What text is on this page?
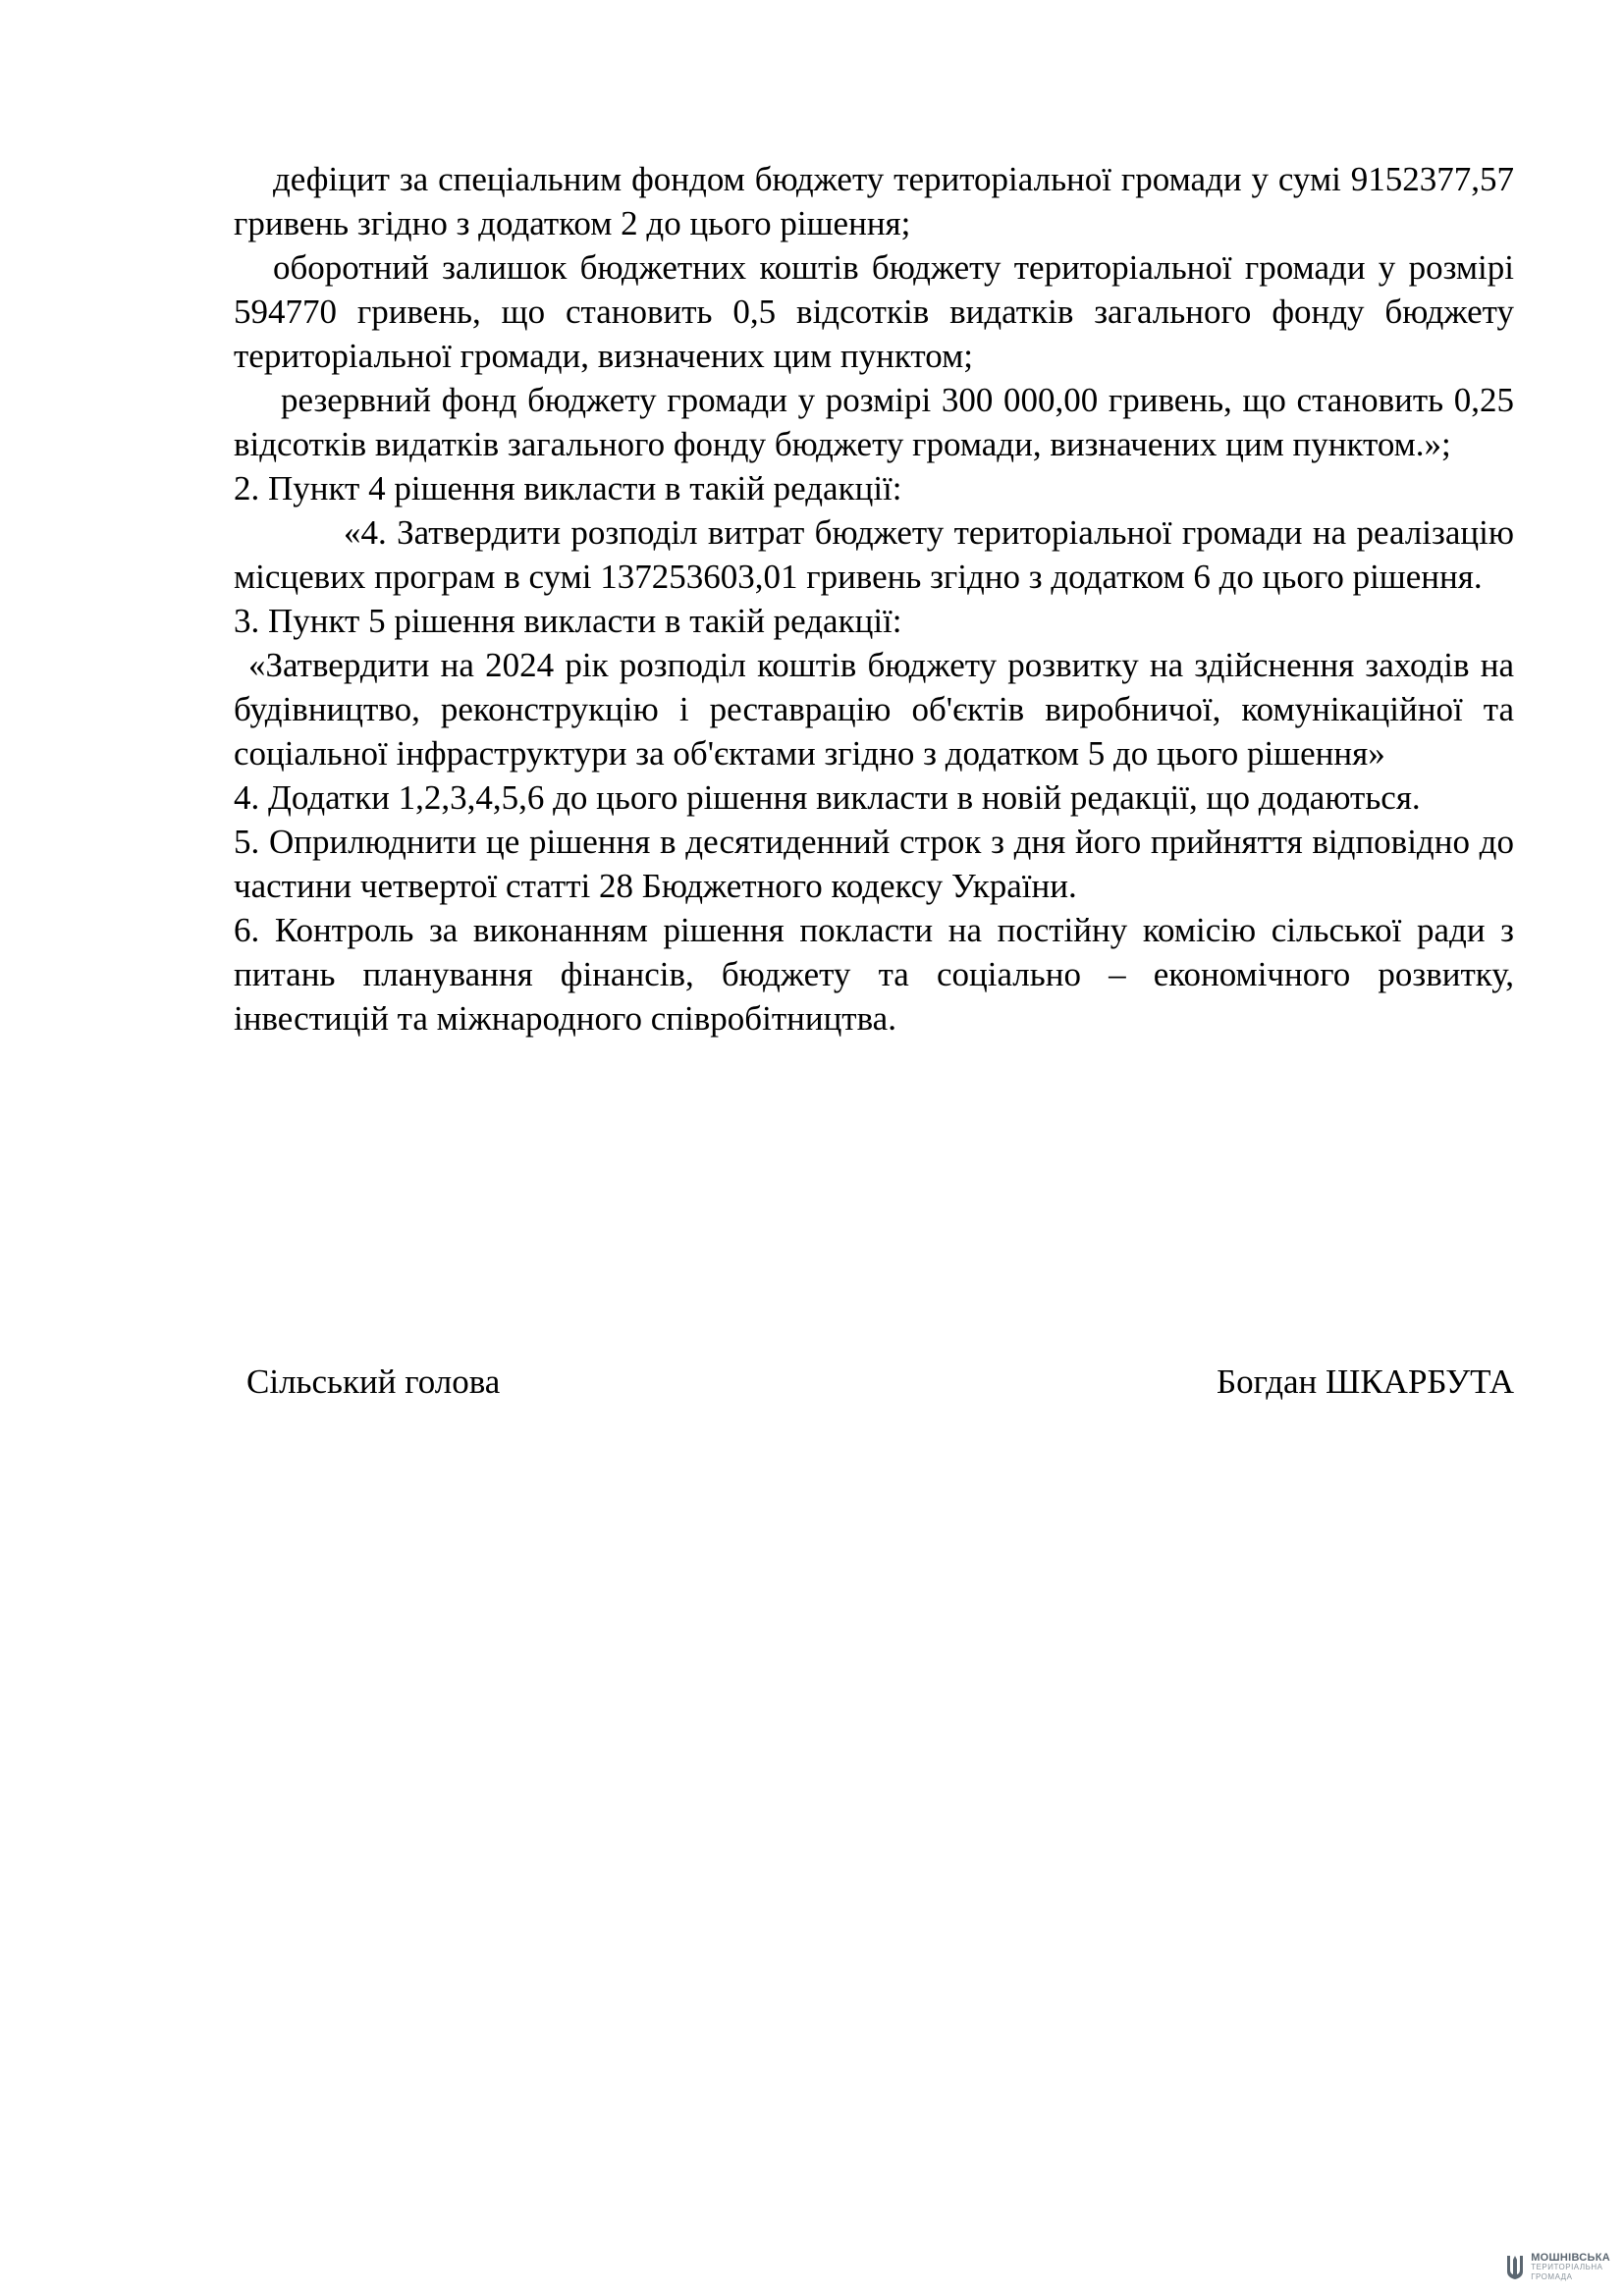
дефіцит за спеціальним фондом бюджету територіальної громади у сумі 9152377,57 гривень згідно з додатком 2 до цього рішення;

оборотний залишок бюджетних коштів бюджету територіальної громади у розмірі 594770 гривень, що становить 0,5 відсотків видатків загального фонду бюджету територіальної громади, визначених цим пунктом;

резервний фонд бюджету громади у розмірі 300 000,00 гривень, що становить 0,25 відсотків видатків загального фонду бюджету громади, визначених цим пунктом.»;

2. Пункт 4 рішення викласти в такій редакції:

«4. Затвердити розподіл витрат бюджету територіальної громади на реалізацію місцевих програм в сумі 137253603,01 гривень згідно з додатком 6 до цього рішення.

3. Пункт 5 рішення викласти в такій редакції:

«Затвердити на 2024 рік розподіл коштів бюджету розвитку на здійснення заходів на будівництво, реконструкцію і реставрацію об'єктів виробничої, комунікаційної та соціальної інфраструктури за об'єктами згідно з додатком 5 до цього рішення»

4. Додатки 1,2,3,4,5,6 до цього рішення викласти в новій редакції, що додаються.

5. Оприлюднити це рішення в десятиденний строк з дня його прийняття відповідно до частини четвертої статті 28 Бюджетного кодексу України.

6. Контроль за виконанням рішення покласти на постійну комісію сільської ради з питань планування фінансів, бюджету та соціально – економічного розвитку, інвестицій та міжнародного співробітництва.

Сільський голова	Богдан ШКАРБУТА
МОШНІВСЬКА
ТЕРИТОРІАЛЬНА
ГРОМАДА
